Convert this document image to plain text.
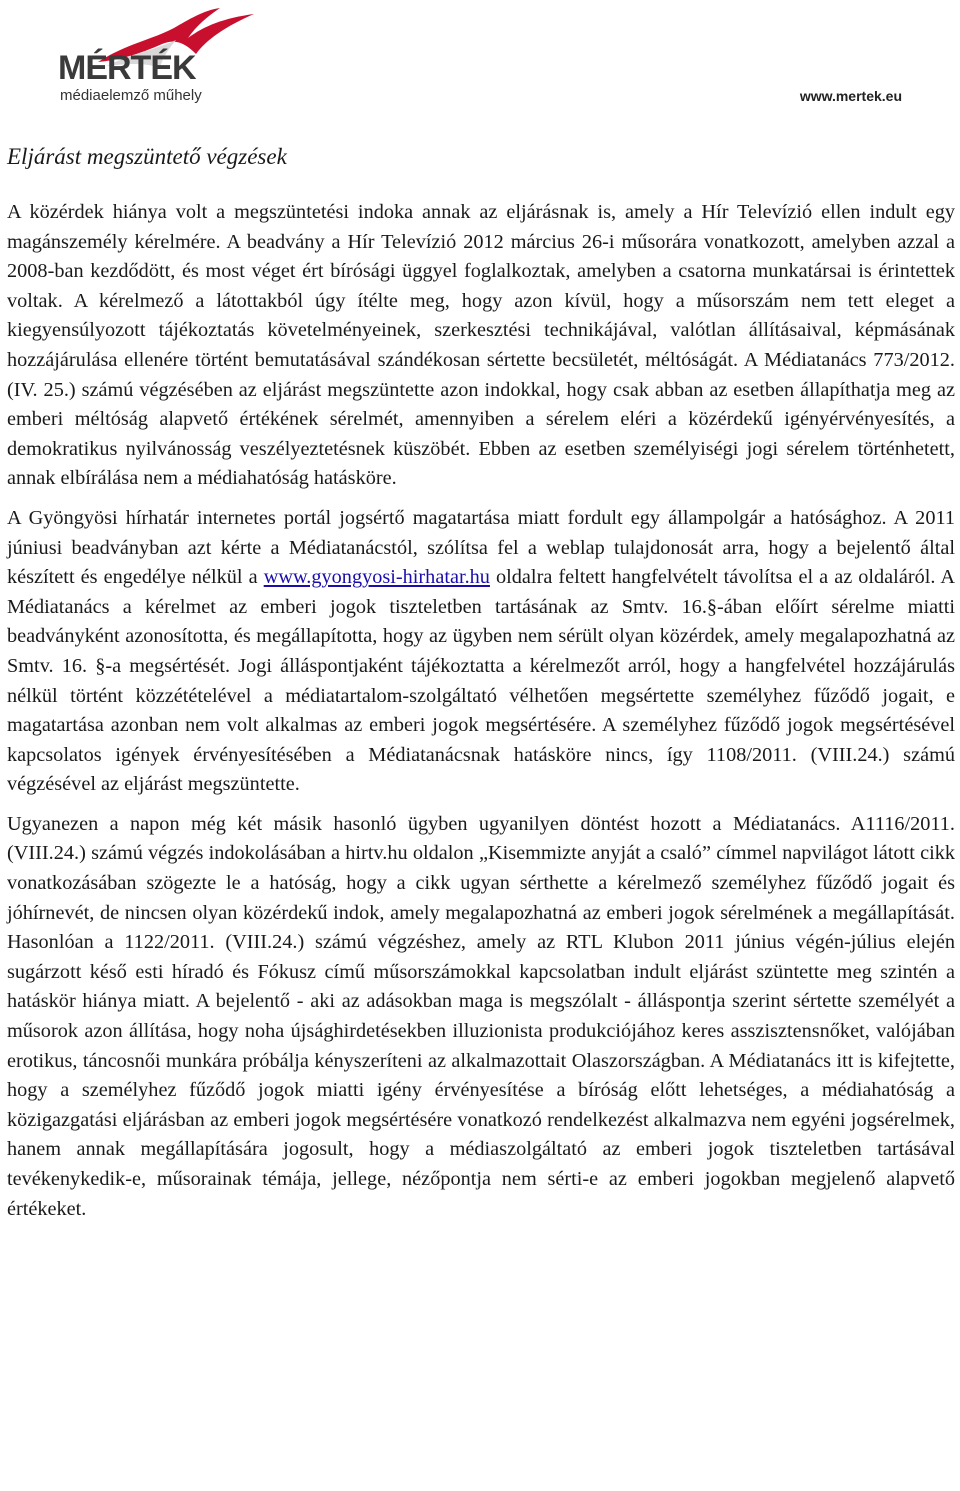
MÉRTÉK
médiaelemző műhely	www.mertek.eu
Eljárást megszüntető végzések

A közérdek hiánya volt a megszüntetési indoka annak az eljárásnak is, amely a Hír Televízió ellen indult egy magánszemély kérelmére. A beadvány a Hír Televízió 2012 március 26-i műsorára vonatkozott, amelyben azzal a 2008-ban kezdődött, és most véget ért bírósági üggyel foglalkoztak, amelyben a csatorna munkatársai is érintettek voltak. A kérelmező a látottakból úgy ítélte meg, hogy azon kívül, hogy a műsorszám nem tett eleget a kiegyensúlyozott tájékoztatás követelményeinek, szerkesztési technikájával, valótlan állításaival, képmásának hozzájárulása ellenére történt bemutatásával szándékosan sértette becsületét, méltóságát. A Médiatanács 773/2012. (IV. 25.) számú végzésében az eljárást megszüntette azon indokkal, hogy csak abban az esetben állapíthatja meg az emberi méltóság alapvető értékének sérelmét, amennyiben a sérelem eléri a közérdekű igényérvényesítés, a demokratikus nyilvánosság veszélyeztetésnek küszöbét. Ebben az esetben személyiségi jogi sérelem történhetett, annak elbírálása nem a médiahatóság hatásköre.

A Gyöngyösi hírhatár internetes portál jogsértő magatartása miatt fordult egy állampolgár a hatósághoz. A 2011 júniusi beadványban azt kérte a Médiatanácstól, szólítsa fel a weblap tulajdonosát arra, hogy a bejelentő által készített és engedélye nélkül a www.gyongyosi-hirhatar.hu oldalra feltett hangfelvételt távolítsa el a az oldaláról. A Médiatanács a kérelmet az emberi jogok tiszteletben tartásának az Smtv. 16.§-ában előírt sérelme miatti beadványként azonosította, és megállapította, hogy az ügyben nem sérült olyan közérdek, amely megalapozhatná az Smtv. 16. §-a megsértését. Jogi álláspontjaként tájékoztatta a kérelmezőt arról, hogy a hangfelvétel hozzájárulás nélkül történt közzétételével a médiatartalom-szolgáltató vélhetően megsértette személyhez fűződő jogait, e magatartása azonban nem volt alkalmas az emberi jogok megsértésére. A személyhez fűződő jogok megsértésével kapcsolatos igények érvényesítésében a Médiatanácsnak hatásköre nincs, így 1108/2011. (VIII.24.) számú végzésével az eljárást megszüntette.

Ugyanezen a napon még két másik hasonló ügyben ugyanilyen döntést hozott a Médiatanács. A1116/2011. (VIII.24.) számú végzés indokolásában a hirtv.hu oldalon „Kisemmizte anyját a csaló” címmel napvilágot látott cikk vonatkozásában szögezte le a hatóság, hogy a cikk ugyan sérthette a kérelmező személyhez fűződő jogait és jóhírnevét, de nincsen olyan közérdekű indok, amely megalapozhatná az emberi jogok sérelmének a megállapítását. Hasonlóan a 1122/2011. (VIII.24.) számú végzéshez, amely az RTL Klubon 2011 június végén-július elején sugárzott késő esti híradó és Fókusz című műsorszámokkal kapcsolatban indult eljárást szüntette meg szintén a hatáskör hiánya miatt. A bejelentő - aki az adásokban maga is megszólalt - álláspontja szerint sértette személyét a műsorok azon állítása, hogy noha újsághirdetésekben illuzionista produkciójához keres asszisztensnőket, valójában erotikus, táncosnői munkára próbálja kényszeríteni az alkalmazottait Olaszországban. A Médiatanács itt is kifejtette, hogy a személyhez fűződő jogok miatti igény érvényesítése a bíróság előtt lehetséges, a médiahatóság a közigazgatási eljárásban az emberi jogok megsértésére vonatkozó rendelkezést alkalmazva nem egyéni jogsérelmek, hanem annak megállapítására jogosult, hogy a médiaszolgáltató az emberi jogok tiszteletben tartásával tevékenykedik-e, műsorainak témája, jellege, nézőpontja nem sérti-e az emberi jogokban megjelenő alapvető értékeket.
